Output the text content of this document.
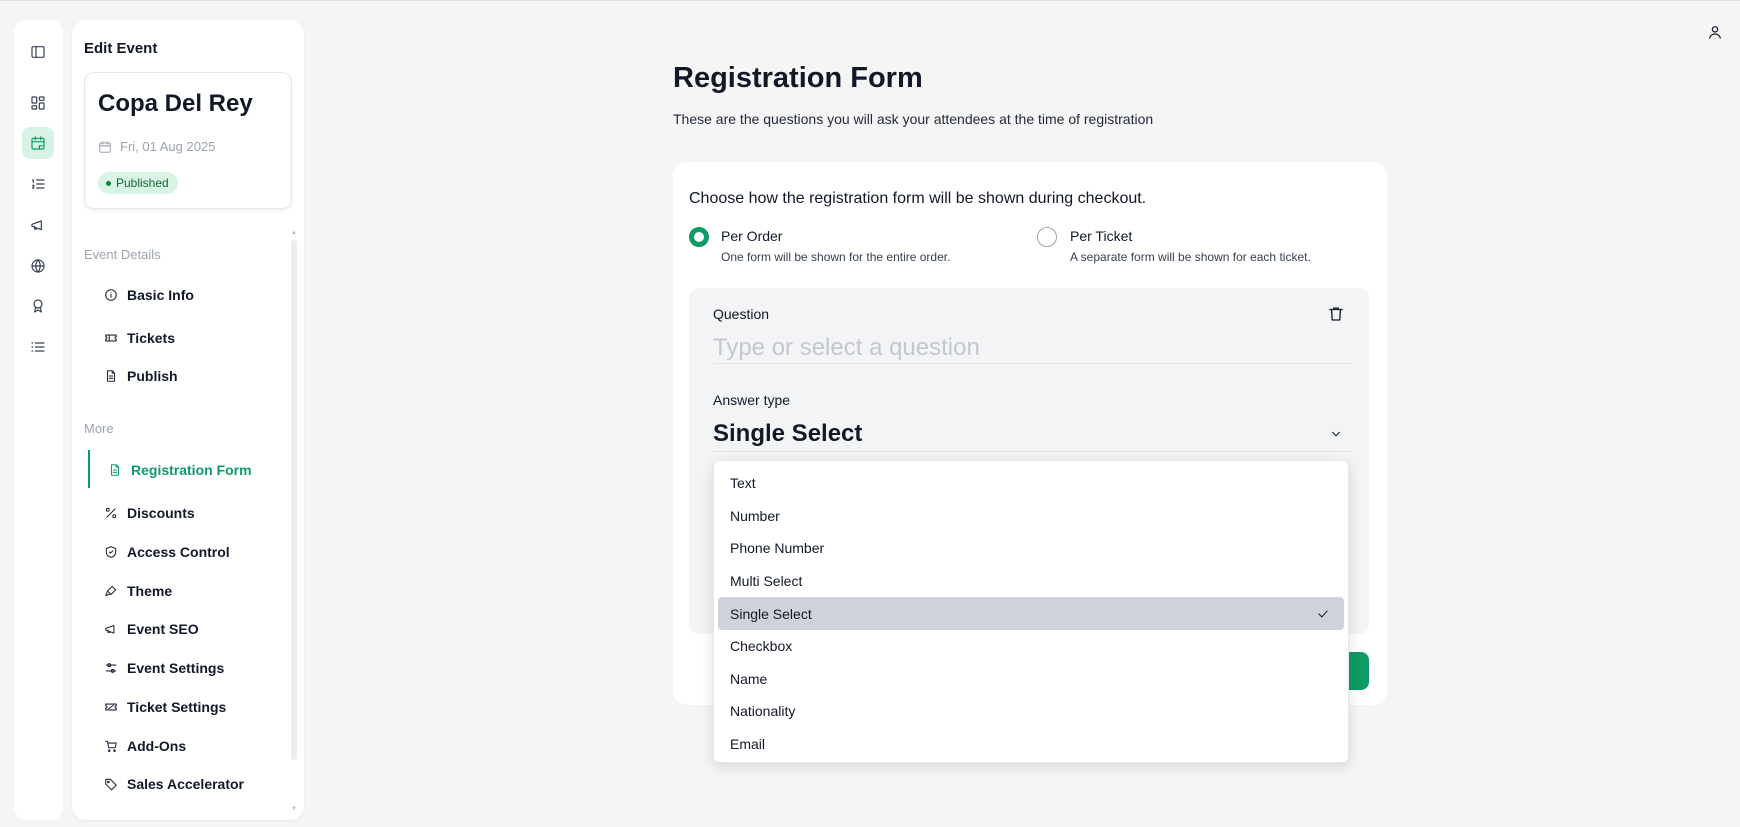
Edit Event
Copa Del Rey
Fri, 01 Aug 2025
Published
▲
▼
Event Details
Basic Info
Tickets
Publish
More
Registration Form
Discounts
Access Control
Theme
Event SEO
Event Settings
Ticket Settings
Add-Ons
Sales Accelerator
Registration Form
These are the questions you will ask your attendees at the time of registration
Choose how the registration form will be shown during checkout.
Per Order
One form will be shown for the entire order.
Per Ticket
A separate form will be shown for each ticket.
Question
Type or select a question
Answer type
Single Select
Text
Number
Phone Number
Multi Select
Single Select
Checkbox
Name
Nationality
Email
